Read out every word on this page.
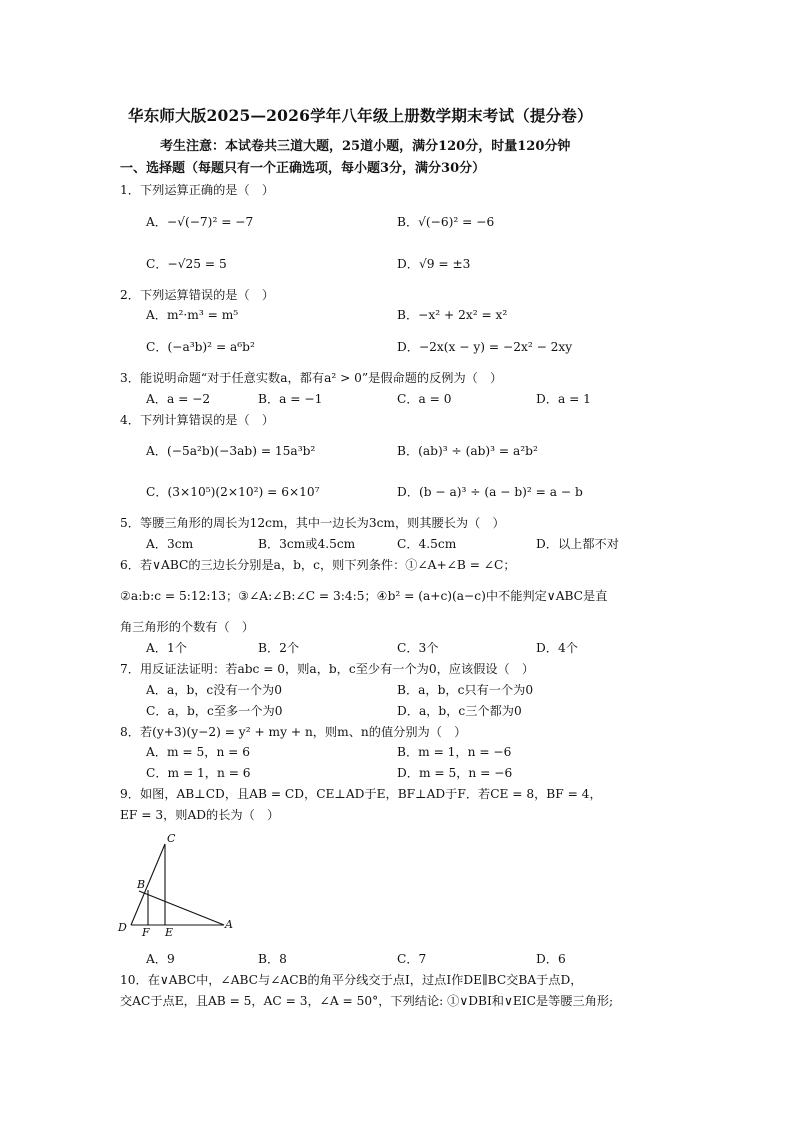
华东师大版2025—2026学年八年级上册数学期末考试（提分卷）
考生注意：本试卷共三道大题，25道小题，满分120分，时量120分钟
一、选择题（每题只有一个正确选项，每小题3分，满分30分）
1．下列运算正确的是（　）
A．−√(−7)² = −7	B．√(−6)² = −6
C．−√25 = 5	D．√9 = ±3
2．下列运算错误的是（　）
A．m²·m³ = m⁵	B．−x² + 2x² = x²
C．(−a³b)² = a⁶b²	D．−2x(x − y) = −2x² − 2xy
3．能说明命题“对于任意实数a，都有a² > 0”是假命题的反例为（　）
A．a = −2	B．a = −1	C．a = 0	D．a = 1
4．下列计算错误的是（　）
A．(−5a²b)(−3ab) = 15a³b²	B．(ab)³ ÷ (ab)³ = a²b²
C．(3×10⁵)(2×10²) = 6×10⁷	D．(b − a)³ ÷ (a − b)² = a − b
5．等腰三角形的周长为12cm，其中一边长为3cm，则其腰长为（　）
A．3cm	B．3cm或4.5cm	C．4.5cm	D．以上都不对
6．若∨ABC的三边长分别是a，b，c，则下列条件：①∠A+∠B = ∠C；
②a:b:c = 5:12:13；③∠A:∠B:∠C = 3:4:5；④b² = (a+c)(a−c)中不能判定∨ABC是直
角三角形的个数有（　）
A．1个	B．2个	C．3个	D．4个
7．用反证法证明：若abc = 0，则a，b，c至少有一个为0，应该假设（　）
A．a，b，c没有一个为0	B．a，b，c只有一个为0
C．a，b，c至多一个为0	D．a，b，c三个都为0
8．若(y+3)(y−2) = y² + my + n，则m、n的值分别为（　）
A．m = 5，n = 6	B．m = 1，n = −6
C．m = 1，n = 6	D．m = 5，n = −6
9．如图，AB⊥CD，且AB = CD，CE⊥AD于E，BF⊥AD于F．若CE = 8，BF = 4，
EF = 3，则AD的长为（　）
C
B
D F E
A
A．9	B．8	C．7	D．6
10．在∨ABC中，∠ABC与∠ACB的角平分线交于点I，过点I作DE∥BC交BA于点D，
交AC于点E，且AB = 5，AC = 3，∠A = 50°，下列结论: ①∨DBI和∨EIC是等腰三角形;
